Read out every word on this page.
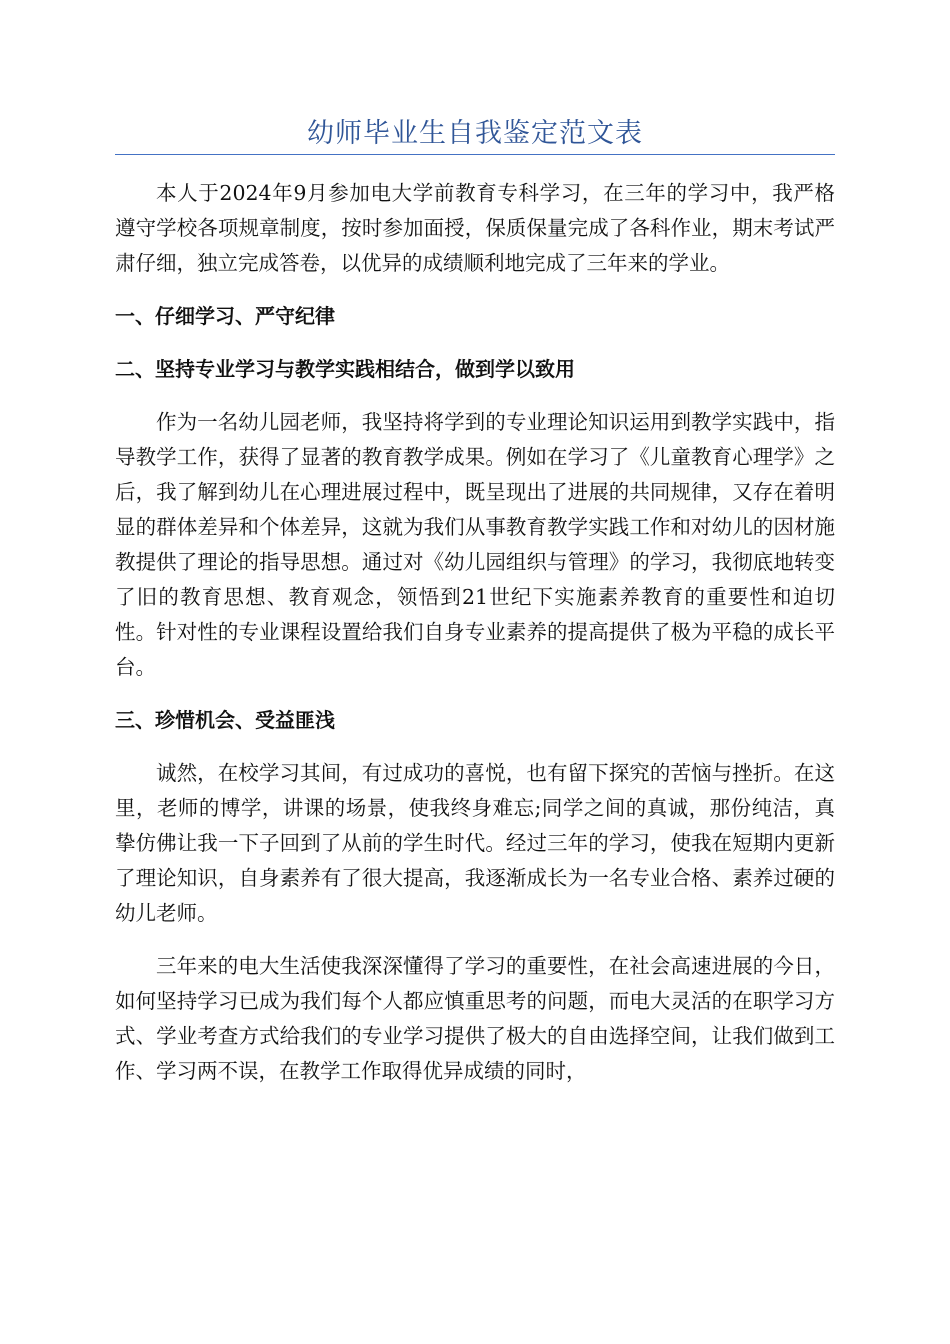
幼师毕业生自我鉴定范文表

本人于2024年9月参加电大学前教育专科学习，在三年的学习中，我严格遵守学校各项规章制度，按时参加面授，保质保量完成了各科作业，期末考试严肃仔细，独立完成答卷，以优异的成绩顺利地完成了三年来的学业。

一、仔细学习、严守纪律

二、坚持专业学习与教学实践相结合，做到学以致用

作为一名幼儿园老师，我坚持将学到的专业理论知识运用到教学实践中，指导教学工作，获得了显著的教育教学成果。例如在学习了《儿童教育心理学》之后，我了解到幼儿在心理进展过程中，既呈现出了进展的共同规律，又存在着明显的群体差异和个体差异，这就为我们从事教育教学实践工作和对幼儿的因材施教提供了理论的指导思想。通过对《幼儿园组织与管理》的学习，我彻底地转变了旧的教育思想、教育观念，领悟到21世纪下实施素养教育的重要性和迫切性。针对性的专业课程设置给我们自身专业素养的提高提供了极为平稳的成长平台。

三、珍惜机会、受益匪浅

诚然，在校学习其间，有过成功的喜悦，也有留下探究的苦恼与挫折。在这里，老师的博学，讲课的场景，使我终身难忘;同学之间的真诚，那份纯洁，真挚仿佛让我一下子回到了从前的学生时代。经过三年的学习，使我在短期内更新了理论知识，自身素养有了很大提高，我逐渐成长为一名专业合格、素养过硬的幼儿老师。

三年来的电大生活使我深深懂得了学习的重要性，在社会高速进展的今日，如何坚持学习已成为我们每个人都应慎重思考的问题，而电大灵活的在职学习方式、学业考查方式给我们的专业学习提供了极大的自由选择空间，让我们做到工作、学习两不误，在教学工作取得优异成绩的同时，
